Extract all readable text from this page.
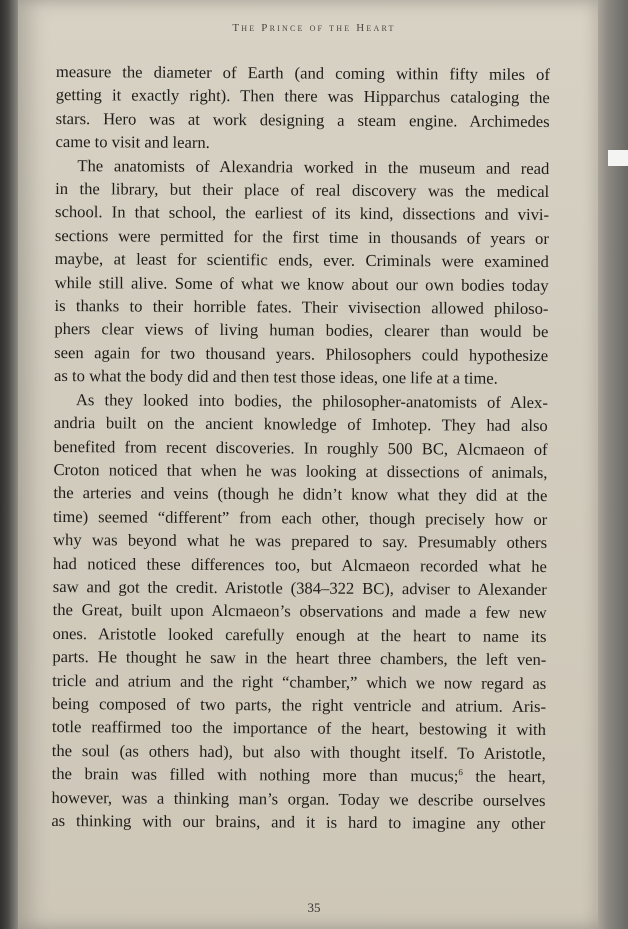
The Prince of the Heart
measure the diameter of Earth (and coming within fifty miles of
getting it exactly right). Then there was Hipparchus cataloging the
stars. Hero was at work designing a steam engine. Archimedes
came to visit and learn.
The anatomists of Alexandria worked in the museum and read
in the library, but their place of real discovery was the medical
school. In that school, the earliest of its kind, dissections and vivi-
sections were permitted for the first time in thousands of years or
maybe, at least for scientific ends, ever. Criminals were examined
while still alive. Some of what we know about our own bodies today
is thanks to their horrible fates. Their vivisection allowed philoso-
phers clear views of living human bodies, clearer than would be
seen again for two thousand years. Philosophers could hypothesize
as to what the body did and then test those ideas, one life at a time.
As they looked into bodies, the philosopher-anatomists of Alex-
andria built on the ancient knowledge of Imhotep. They had also
benefited from recent discoveries. In roughly 500 BC, Alcmaeon of
Croton noticed that when he was looking at dissections of animals,
the arteries and veins (though he didn’t know what they did at the
time) seemed “different” from each other, though precisely how or
why was beyond what he was prepared to say. Presumably others
had noticed these differences too, but Alcmaeon recorded what he
saw and got the credit. Aristotle (384–322 BC), adviser to Alexander
the Great, built upon Alcmaeon’s observations and made a few new
ones. Aristotle looked carefully enough at the heart to name its
parts. He thought he saw in the heart three chambers, the left ven-
tricle and atrium and the right “chamber,” which we now regard as
being composed of two parts, the right ventricle and atrium. Aris-
totle reaffirmed too the importance of the heart, bestowing it with
the soul (as others had), but also with thought itself. To Aristotle,
the brain was filled with nothing more than mucus;$^6$ the heart,
however, was a thinking man’s organ. Today we describe ourselves
as thinking with our brains, and it is hard to imagine any other
35
